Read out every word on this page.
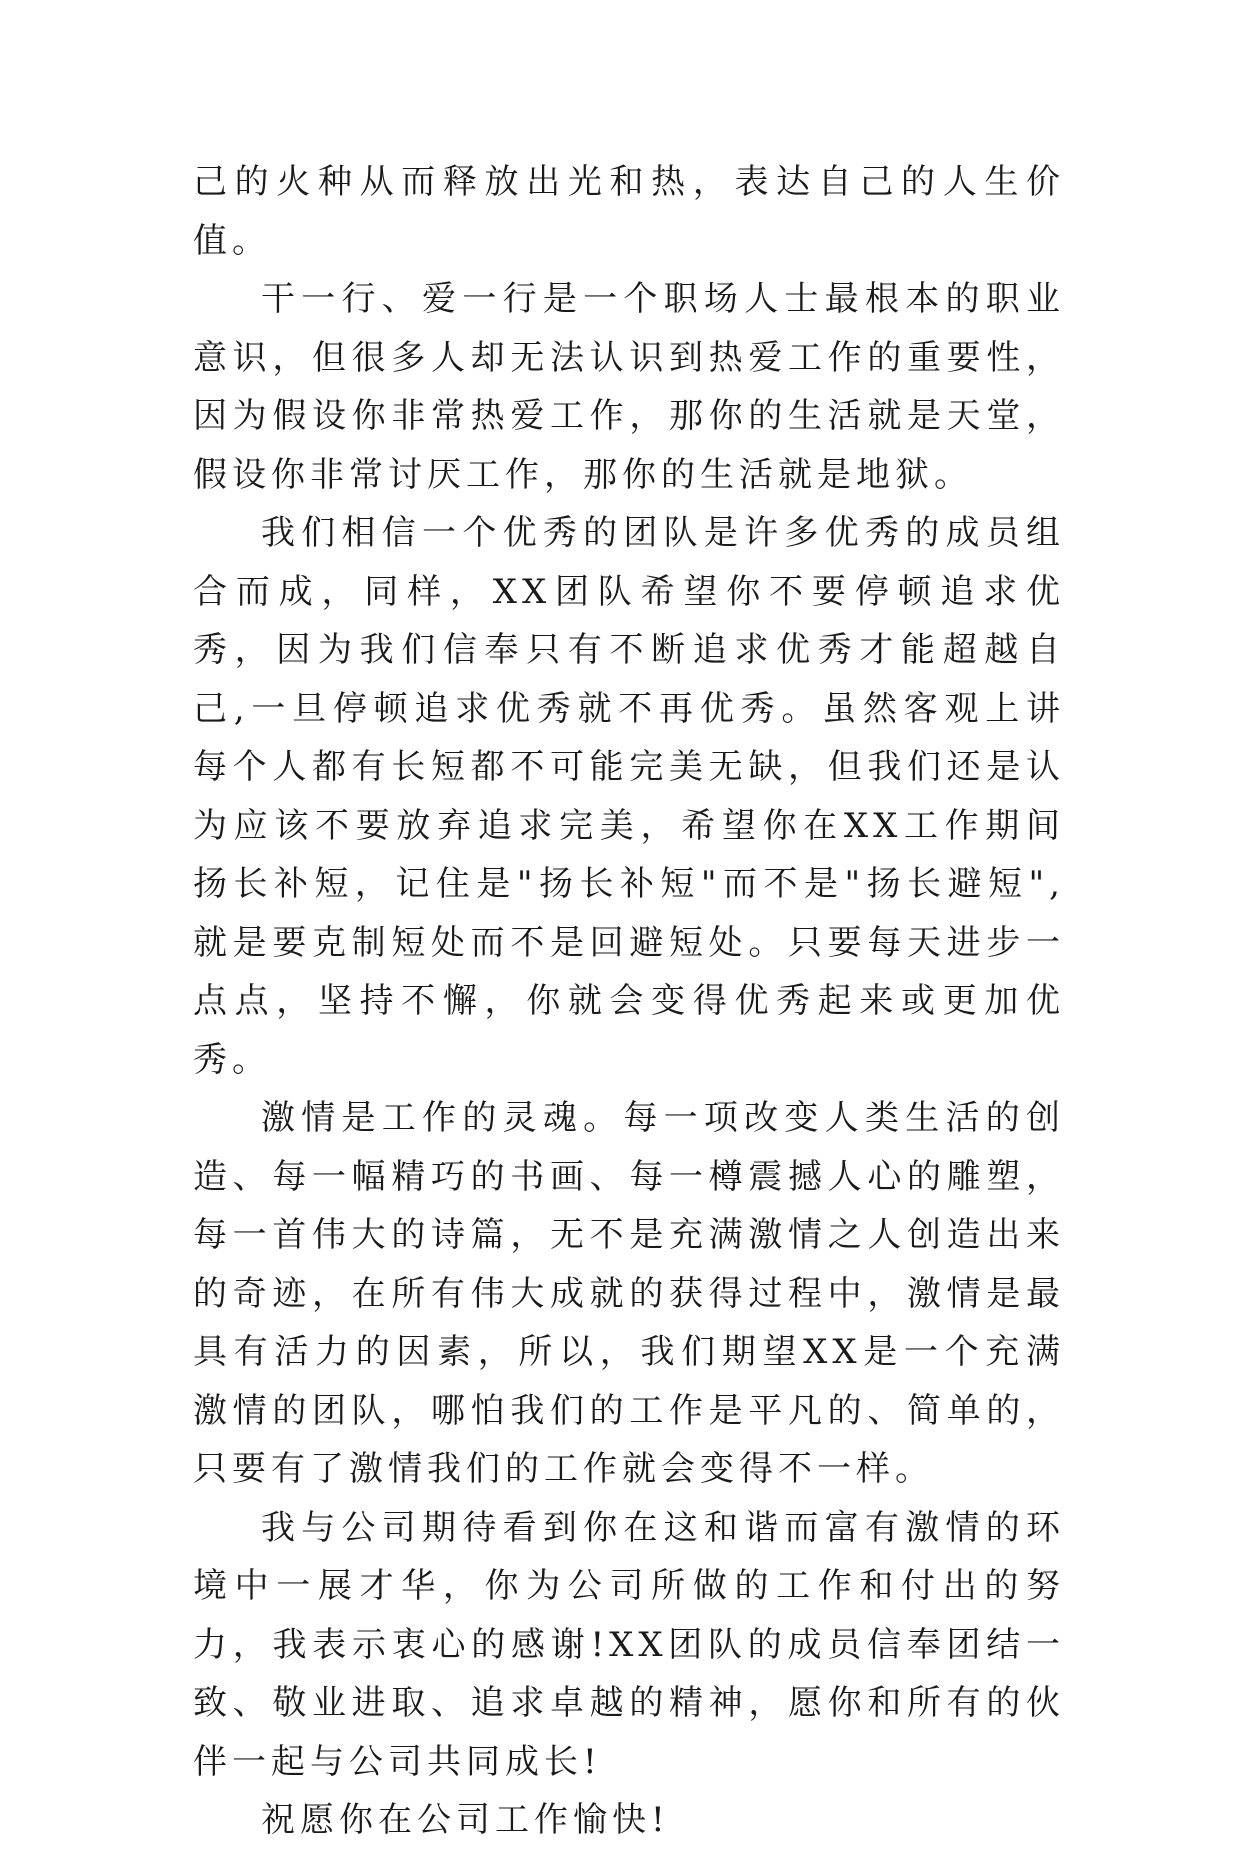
己的火种从而释放出光和热，表达自己的人生价值。

干一行、爱一行是一个职场人士最根本的职业意识，但很多人却无法认识到热爱工作的重要性，因为假设你非常热爱工作，那你的生活就是天堂，假设你非常讨厌工作，那你的生活就是地狱。

我们相信一个优秀的团队是许多优秀的成员组合而成，同样，XX团队希望你不要停顿追求优秀，因为我们信奉只有不断追求优秀才能超越自己,一旦停顿追求优秀就不再优秀。虽然客观上讲每个人都有长短都不可能完美无缺，但我们还是认为应该不要放弃追求完美，希望你在XX工作期间扬长补短，记住是"扬长补短"而不是"扬长避短",就是要克制短处而不是回避短处。只要每天进步一点点，坚持不懈，你就会变得优秀起来或更加优秀。

激情是工作的灵魂。每一项改变人类生活的创造、每一幅精巧的书画、每一樽震撼人心的雕塑，每一首伟大的诗篇，无不是充满激情之人创造出来的奇迹，在所有伟大成就的获得过程中，激情是最具有活力的因素，所以，我们期望XX是一个充满激情的团队，哪怕我们的工作是平凡的、简单的，只要有了激情我们的工作就会变得不一样。

我与公司期待看到你在这和谐而富有激情的环境中一展才华，你为公司所做的工作和付出的努力，我表示衷心的感谢!XX团队的成员信奉团结一致、敬业进取、追求卓越的精神，愿你和所有的伙伴一起与公司共同成长!

祝愿你在公司工作愉快!
